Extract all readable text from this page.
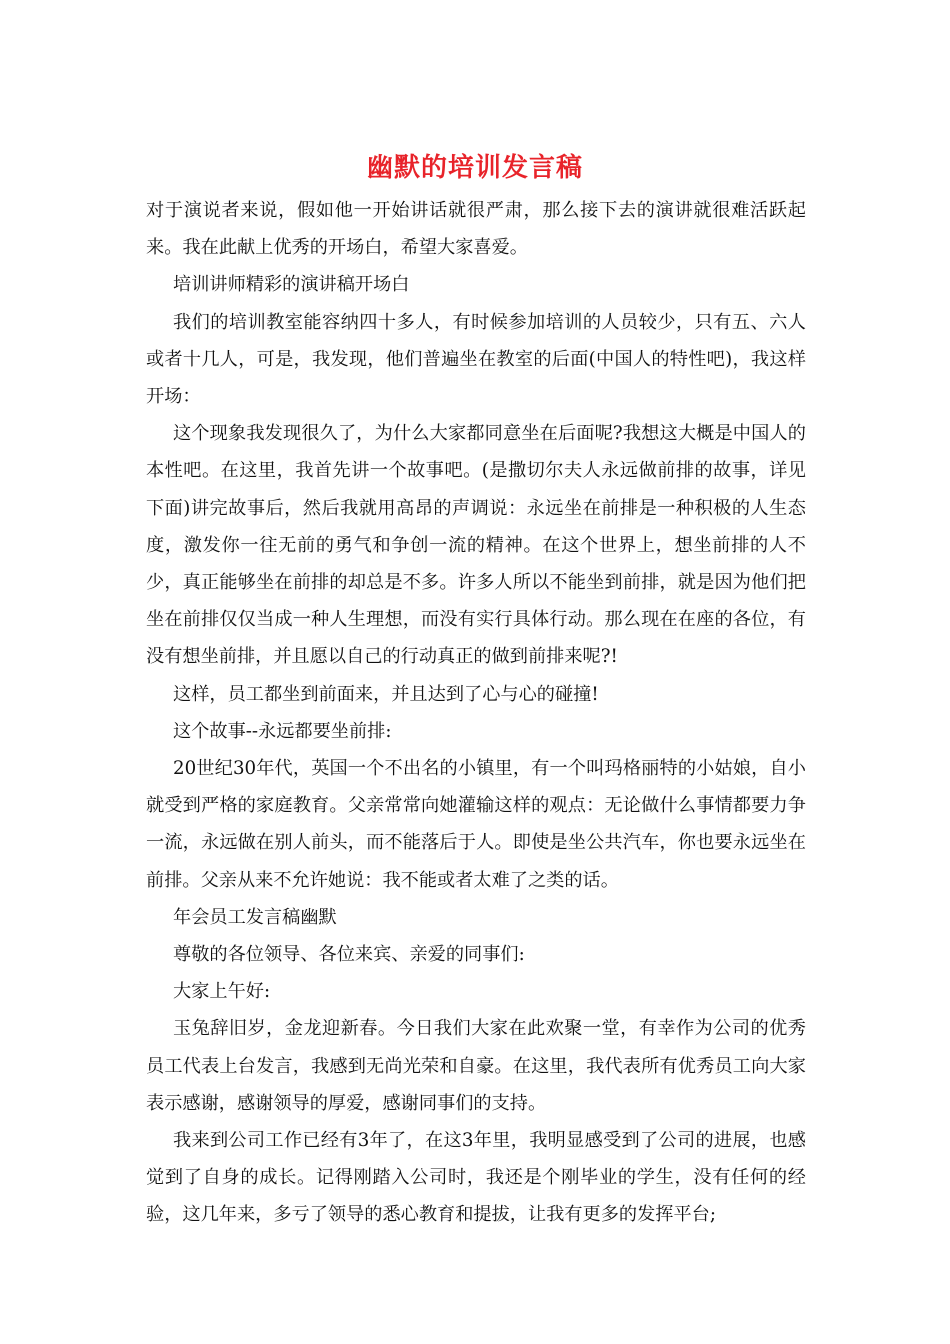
幽默的培训发言稿

对于演说者来说，假如他一开始讲话就很严肃，那么接下去的演讲就很难活跃起来。我在此献上优秀的开场白，希望大家喜爱。

培训讲师精彩的演讲稿开场白

我们的培训教室能容纳四十多人，有时候参加培训的人员较少，只有五、六人或者十几人，可是，我发现，他们普遍坐在教室的后面(中国人的特性吧)，我这样开场：

这个现象我发现很久了，为什么大家都同意坐在后面呢?我想这大概是中国人的本性吧。在这里，我首先讲一个故事吧。(是撒切尔夫人永远做前排的故事，详见下面)讲完故事后，然后我就用高昂的声调说：永远坐在前排是一种积极的人生态度，激发你一往无前的勇气和争创一流的精神。在这个世界上，想坐前排的人不少，真正能够坐在前排的却总是不多。许多人所以不能坐到前排，就是因为他们把坐在前排仅仅当成一种人生理想，而没有实行具体行动。那么现在在座的各位，有没有想坐前排，并且愿以自己的行动真正的做到前排来呢?!

这样，员工都坐到前面来，并且达到了心与心的碰撞!

这个故事--永远都要坐前排:

20世纪30年代，英国一个不出名的小镇里，有一个叫玛格丽特的小姑娘，自小就受到严格的家庭教育。父亲常常向她灌输这样的观点：无论做什么事情都要力争一流，永远做在别人前头，而不能落后于人。即使是坐公共汽车，你也要永远坐在前排。父亲从来不允许她说：我不能或者太难了之类的话。

年会员工发言稿幽默

尊敬的各位领导、各位来宾、亲爱的同事们:

大家上午好:

玉兔辞旧岁，金龙迎新春。今日我们大家在此欢聚一堂，有幸作为公司的优秀员工代表上台发言，我感到无尚光荣和自豪。在这里，我代表所有优秀员工向大家表示感谢，感谢领导的厚爱，感谢同事们的支持。

我来到公司工作已经有3年了，在这3年里，我明显感受到了公司的进展，也感觉到了自身的成长。记得刚踏入公司时，我还是个刚毕业的学生，没有任何的经验，这几年来，多亏了领导的悉心教育和提拔，让我有更多的发挥平台;
